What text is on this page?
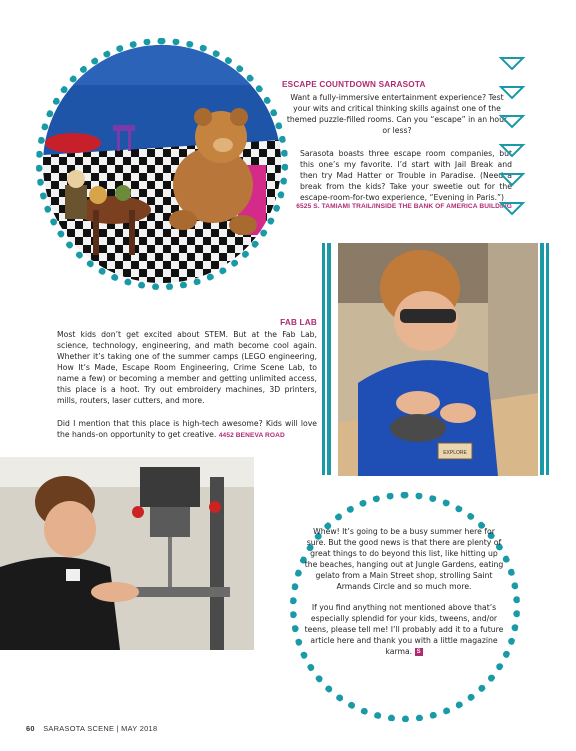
ESCAPE COUNTDOWN SARASOTA

Want a fully-immersive entertainment experience? Test your wits and critical thinking skills against one of the themed puzzle-filled rooms. Can you “escape” in an hour or less?

Sarasota boasts three escape room companies, but this one’s my favorite. I’d start with Jail Break and then try Mad Hatter or Trouble in Paradise. (Need a break from the kids? Take your sweetie out for the escape-room-for-two experience, “Evening in Paris.”)

6525 S. TAMIAMI TRAIL/INSIDE THE BANK OF AMERICA BUILDING
EXPLORE
FAB LAB

Most kids don’t get excited about STEM. But at the Fab Lab, science, technology, engineering, and math become cool again. Whether it’s taking one of the summer camps (LEGO engineering, How It’s Made, Escape Room Engineering, Crime Scene Lab, to name a few) or becoming a member and getting unlimited access, this place is a hoot. Try out embroidery machines, 3D printers, mills, routers, laser cutters, and more.

Did I mention that this place is high-tech awesome? Kids will love the hands-on opportunity to get creative. 4452 BENEVA ROAD

Whew! It’s going to be a busy summer here for sure. But the good news is that there are plenty of great things to do beyond this list, like hitting up the beaches, hanging out at Jungle Gardens, eating gelato from a Main Street shop, strolling Saint Armands Circle and so much more.

If you find anything not mentioned above that’s especially splendid for your kids, tweens, and/or teens, please tell me! I’ll probably add it to a future article here and thank you with a little magazine karma. S

60 SARASOTA SCENE | MAY 2018
